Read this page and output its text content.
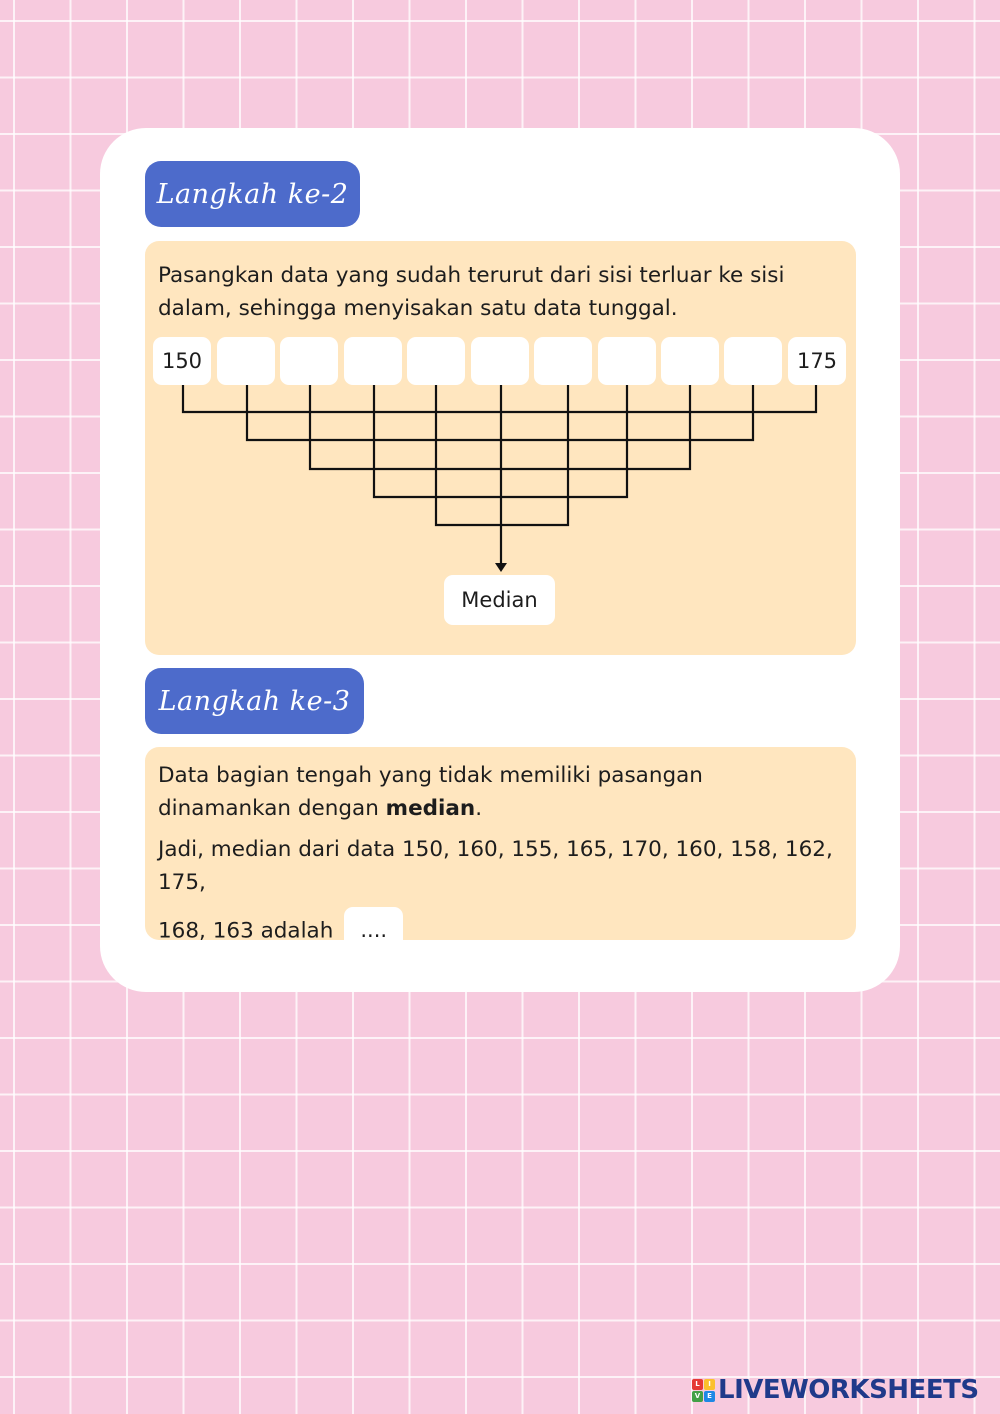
Langkah ke-2

Pasangkan data yang sudah terurut dari sisi terluar ke sisi dalam, sehingga menyisakan satu data tunggal.

150	175
Median
Langkah ke-3

Data bagian tengah yang tidak memiliki pasangan dinamankan dengan median.

Jadi, median dari data 150, 160, 155, 165, 170, 160, 158, 162, 175,
168, 163 adalah ....

L	I
V E LIVEWORKSHEETS
